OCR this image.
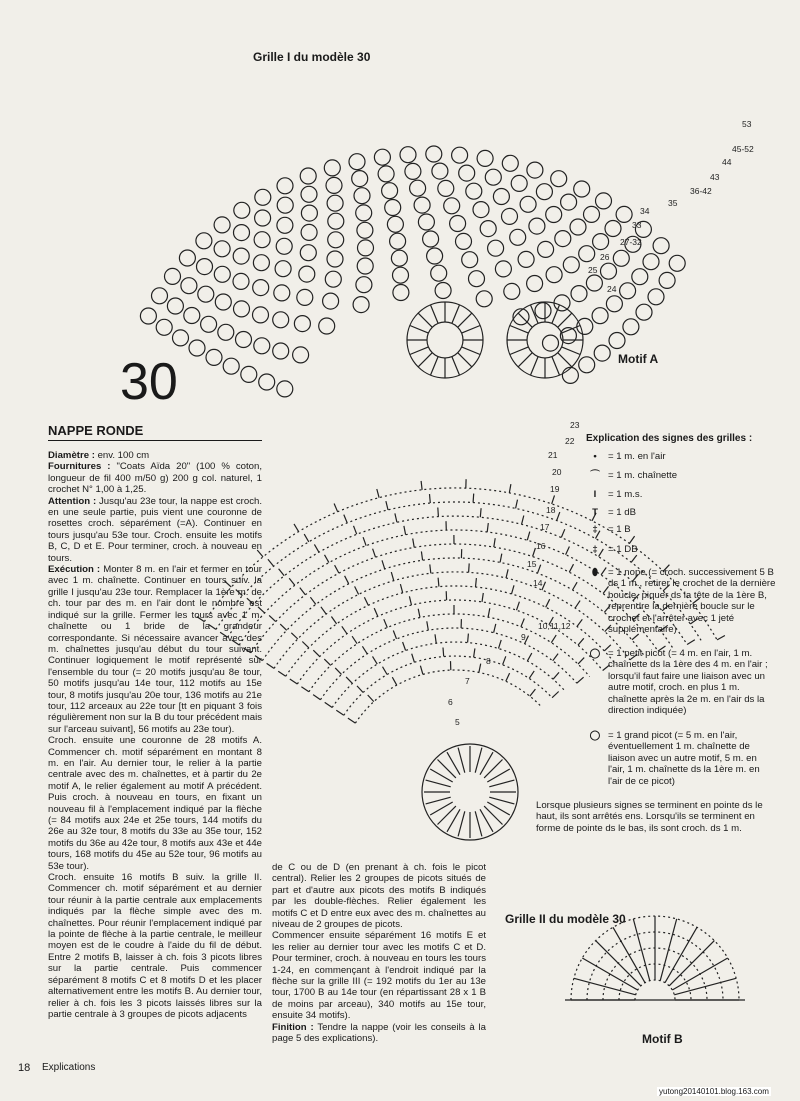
53
45-52
44
43
36-42
35
34
33
27-32
26
25
24
23
22
21
20
19
18
17
16
15
14
10,11,12
9
8
7
6
5
Grille I du modèle 30
Motif A
Grille II du modèle 30
Motif B
30
NAPPE RONDE

Diamètre : env. 100 cm

Fournitures : "Coats Aïda 20" (100 % coton, longueur de fil 400 m/50 g) 200 g col. naturel, 1 crochet N° 1,00 à 1,25.

Attention : Jusqu'au 23e tour, la nappe est croch. en une seule partie, puis vient une couronne de rosettes croch. séparément (=A). Continuer en tours jusqu'au 53e tour. Croch. ensuite les motifs B, C, D et E. Pour terminer, croch. à nouveau en tours.

Exécution : Monter 8 m. en l'air et fermer en tour avec 1 m. chaînette. Continuer en tours suiv. la grille I jusqu'au 23e tour. Remplacer la 1ère m. de ch. tour par des m. en l'air dont le nombre est indiqué sur la grille. Fermer les tours avec 1 m. chaînette ou 1 bride de la grandeur correspondante. Si nécessaire avancer avec des m. chaînettes jusqu'au début du tour suivant. Continuer logiquement le motif représenté sur l'ensemble du tour (= 20 motifs jusqu'au 8e tour, 50 motifs jusqu'au 14e tour, 112 motifs au 15e tour, 8 motifs jusqu'au 20e tour, 136 motifs au 21e tour, 112 arceaux au 22e tour [tt en piquant 3 fois régulièrement non sur la B du tour précédent mais sur l'arceau suivant], 56 motifs au 23e tour).

Croch. ensuite une couronne de 28 motifs A. Commencer ch. motif séparément en montant 8 m. en l'air. Au dernier tour, le relier à la partie centrale avec des m. chaînettes, et à partir du 2e motif A, le relier également au motif A précédent. Puis croch. à nouveau en tours, en fixant un nouveau fil à l'emplacement indiqué par la flèche (= 84 motifs aux 24e et 25e tours, 144 motifs du 26e au 32e tour, 8 motifs du 33e au 35e tour, 152 motifs du 36e au 42e tour, 8 motifs aux 43e et 44e tours, 168 motifs du 45e au 52e tour, 96 motifs au 53e tour).

Croch. ensuite 16 motifs B suiv. la grille II. Commencer ch. motif séparément et au dernier tour réunir à la partie centrale aux emplacements indiqués par la flèche simple avec des m. chaînettes. Pour réunir l'emplacement indiqué par la pointe de flèche à la partie centrale, le meilleur moyen est de le coudre à l'aide du fil de début. Entre 2 motifs B, laisser à ch. fois 3 picots libres sur la partie centrale. Puis commencer séparément 8 motifs C et 8 motifs D et les placer alternativement entre les motifs B. Au dernier tour, relier à ch. fois les 3 picots laissés libres sur la partie centrale à 3 groupes de picots adjacents

de C ou de D (en prenant à ch. fois le picot central). Relier les 2 groupes de picots situés de part et d'autre aux picots des motifs B indiqués par les double-flèches. Relier également les motifs C et D entre eux avec des m. chaînettes au niveau de 2 groupes de picots.

Commencer ensuite séparément 16 motifs E et les relier au dernier tour avec les motifs C et D. Pour terminer, croch. à nouveau en tours les tours 1-24, en commençant à l'endroit indiqué par la flèche sur la grille III (= 192 motifs du 1er au 13e tour, 1700 B au 14e tour (en répartissant 28 x 1 B de moins par arceau), 340 motifs au 15e tour, ensuite 34 motifs).

Finition : Tendre la nappe (voir les conseils à la page 5 des explications).

Explication des signes des grilles :
•	= 1 m. en l'air
⌒ = 1 m. chaînette
I	= 1 m.s.
T	= 1 dB
‡	= 1 B
‡	= 1 DB
⬮	= 1 nope (= croch. successivement 5 B ds 1 m., retirer le crochet de la dernière boucle, piquer ds la tête de la 1ère B, reprendre la dernière boucle sur le crochet et l'arrêter avec 1 jeté supplémentaire)
◯ = 1 petit picot (= 4 m. en l'air, 1 m. chaînette ds la 1ère des 4 m. en l'air ; lorsqu'il faut faire une liaison avec un autre motif, croch. en plus 1 m. chaînette après la 2e m. en l'air ds la direction indiquée)
◯ = 1 grand picot (= 5 m. en l'air, éventuellement 1 m. chaînette de liaison avec un autre motif, 5 m. en l'air, 1 m. chaînette ds la 1ère m. en l'air de ce picot)
Lorsque plusieurs signes se terminent en pointe ds le haut, ils sont arrêtés ens. Lorsqu'ils se terminent en forme de pointe ds le bas, ils sont croch. ds 1 m.
18 Explications
yutong20140101.blog.163.com
